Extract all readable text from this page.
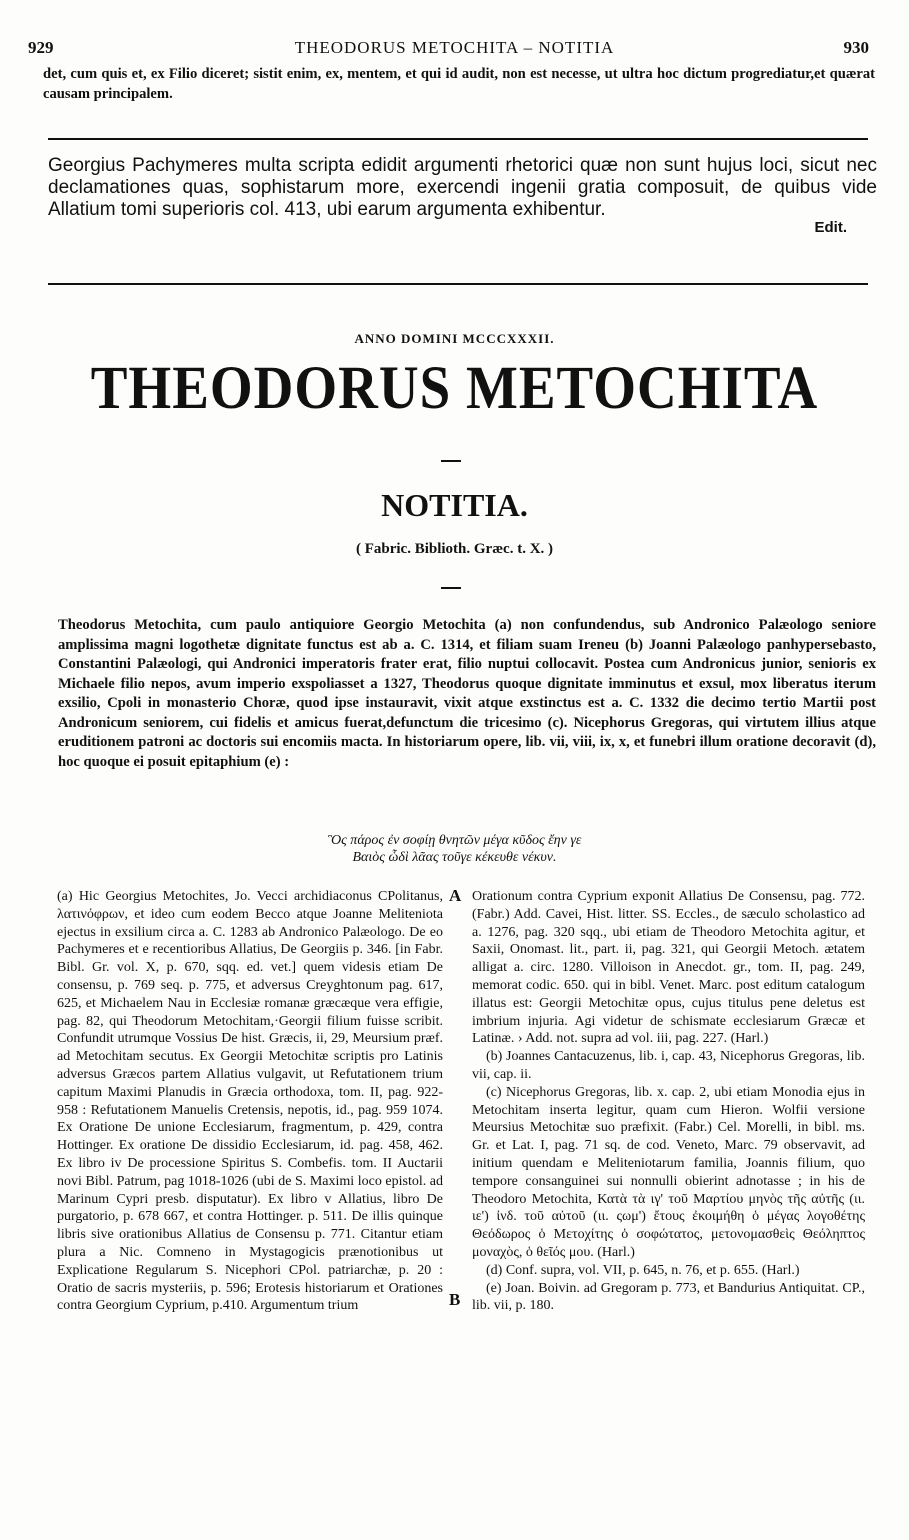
929	THEODORUS METOCHITA – NOTITIA	930
det, cum quis et, ex Filio diceret; sistit enim, ex, mentem, et qui id audit, non est necesse, ut ultra hoc dictum progrediatur,et quærat causam principalem.
Georgius Pachymeres multa scripta edidit argumenti rhetorici quæ non sunt hujus loci, sicut nec declamationes quas, sophistarum more, exercendi ingenii gratia composuit, de quibus vide Allatium tomi superioris col. 413, ubi earum argumenta exhibentur.
Edit.
ANNO DOMINI MCCCXXXII.
THEODORUS METOCHITA
NOTITIA.
( Fabric. Biblioth. Græc. t. X. )

Theodorus Metochita, cum paulo antiquiore Georgio Metochita (a) non confundendus, sub Andronico Palæologo seniore amplissima magni logothetæ dignitate functus est ab a. C. 1314, et filiam suam Ireneu (b) Joanni Palæologo panhypersebasto, Constantini Palæologi, qui Andronici imperatoris frater erat, filio nuptui collocavit. Postea cum Andronicus junior, senioris ex Michaele filio nepos, avum imperio exspoliasset a 1327, Theodorus quoque dignitate imminutus et exsul, mox liberatus iterum exsilio, Cpoli in monasterio Choræ, quod ipse instauravit, vixit atque exstinctus est a. C. 1332 die decimo tertio Martii post Andronicum seniorem, cui fidelis et amicus fuerat,defunctum die tricesimo (c). Nicephorus Gregoras, qui virtutem illius atque eruditionem patroni ac doctoris sui encomiis macta. In historiarum opere, lib. vii, viii, ix, x, et funebri illum oratione decoravit (d), hoc quoque ei posuit epitaphium (e) :

Ὃς πάρος ἐν σοφίῃ θνητῶν μέγα κῦδος ἔην γε
Βαιὸς ὧδὶ λᾶας τοῦγε κέκευθε νέκυν.
A
B

(a) Hic Georgius Metochites, Jo. Vecci archidiaconus CPolitanus, λατινόφρων, et ideo cum eodem Becco atque Joanne Meliteniota ejectus in exsilium circa a. C. 1283 ab Andronico Palæologo. De eo Pachymeres et e recentioribus Allatius, De Georgiis p. 346. [in Fabr. Bibl. Gr. vol. X, p. 670, sqq. ed. vet.] quem videsis etiam De consensu, p. 769 seq. p. 775, et adversus Creyghtonum pag. 617, 625, et Michaelem Nau in Ecclesiæ romanæ græcæque vera effigie, pag. 82, qui Theodorum Metochitam,·Georgii filium fuisse scribit. Confundit utrumque Vossius De hist. Græcis, ii, 29, Meursium præf. ad Metochitam secutus. Ex Georgii Metochitæ scriptis pro Latinis adversus Græcos partem Allatius vulgavit, ut Refutationem trium capitum Maximi Planudis in Græcia orthodoxa, tom. II, pag. 922-958 : Refutationem Manuelis Cretensis, nepotis, id., pag. 959 1074. Ex Oratione De unione Ecclesiarum, fragmentum, p. 429, contra Hottinger. Ex oratione De dissidio Ecclesiarum, id. pag. 458, 462. Ex libro iv De processione Spiritus S. Combefis. tom. II Auctarii novi Bibl. Patrum, pag 1018-1026 (ubi de S. Maximi loco epistol. ad Marinum Cypri presb. disputatur). Ex libro v Allatius, libro De purgatorio, p. 678 667, et contra Hottinger. p. 511. De illis quinque libris sive orationibus Allatius de Consensu p. 771. Citantur etiam plura a Nic. Comneno in Mystagogicis prænotionibus ut Explicatione Regularum S. Nicephori CPol. patriarchæ, p. 20 : Oratio de sacris mysteriis, p. 596; Erotesis historiarum et Orationes contra Georgium Cyprium, p.410. Argumentum trium

Orationum contra Cyprium exponit Allatius De Consensu, pag. 772. (Fabr.) Add. Cavei, Hist. litter. SS. Eccles., de sæculo scholastico ad a. 1276, pag. 320 sqq., ubi etiam de Theodoro Metochita agitur, et Saxii, Onomast. lit., part. ii, pag. 321, qui Georgii Metoch. ætatem alligat a. circ. 1280. Villoison in Anecdot. gr., tom. II, pag. 249, memorat codic. 650. qui in bibl. Venet. Marc. post editum catalogum illatus est: Georgii Metochitæ opus, cujus titulus pene deletus est imbrium injuria. Agi videtur de schismate ecclesiarum Græcæ et Latinæ. › Add. not. supra ad vol. iii, pag. 227. (Harl.)

(b) Joannes Cantacuzenus, lib. i, cap. 43, Nicephorus Gregoras, lib. vii, cap. ii.

(c) Nicephorus Gregoras, lib. x. cap. 2, ubi etiam Monodia ejus in Metochitam inserta legitur, quam cum Hieron. Wolfii versione Meursius Metochitæ suo præfixit. (Fabr.) Cel. Morelli, in bibl. ms. Gr. et Lat. I, pag. 71 sq. de cod. Veneto, Marc. 79 observavit, ad initium quendam e Meliteniotarum familia, Joannis filium, quo tempore consanguinei sui nonnulli obierint adnotasse ; in his de Theodoro Metochita, Κατὰ τὰ ιγ' τοῦ Μαρτίου μηνὸς τῆς αὐτῆς (ιι. ιε') ἰνδ. τοῦ αὐτοῦ (ιι. ςωμ') ἔτους ἐκοιμήθη ὁ μέγας λογοθέτης Θεόδωρος ὁ Μετοχίτης ὁ σοφώτατος, μετονομασθεὶς Θεόληπτος μοναχὸς, ὁ θεῖός μου. (Harl.)

(d) Conf. supra, vol. VII, p. 645, n. 76, et p. 655. (Harl.)

(e) Joan. Boivin. ad Gregoram p. 773, et Bandurius Antiquitat. CP., lib. vii, p. 180.
